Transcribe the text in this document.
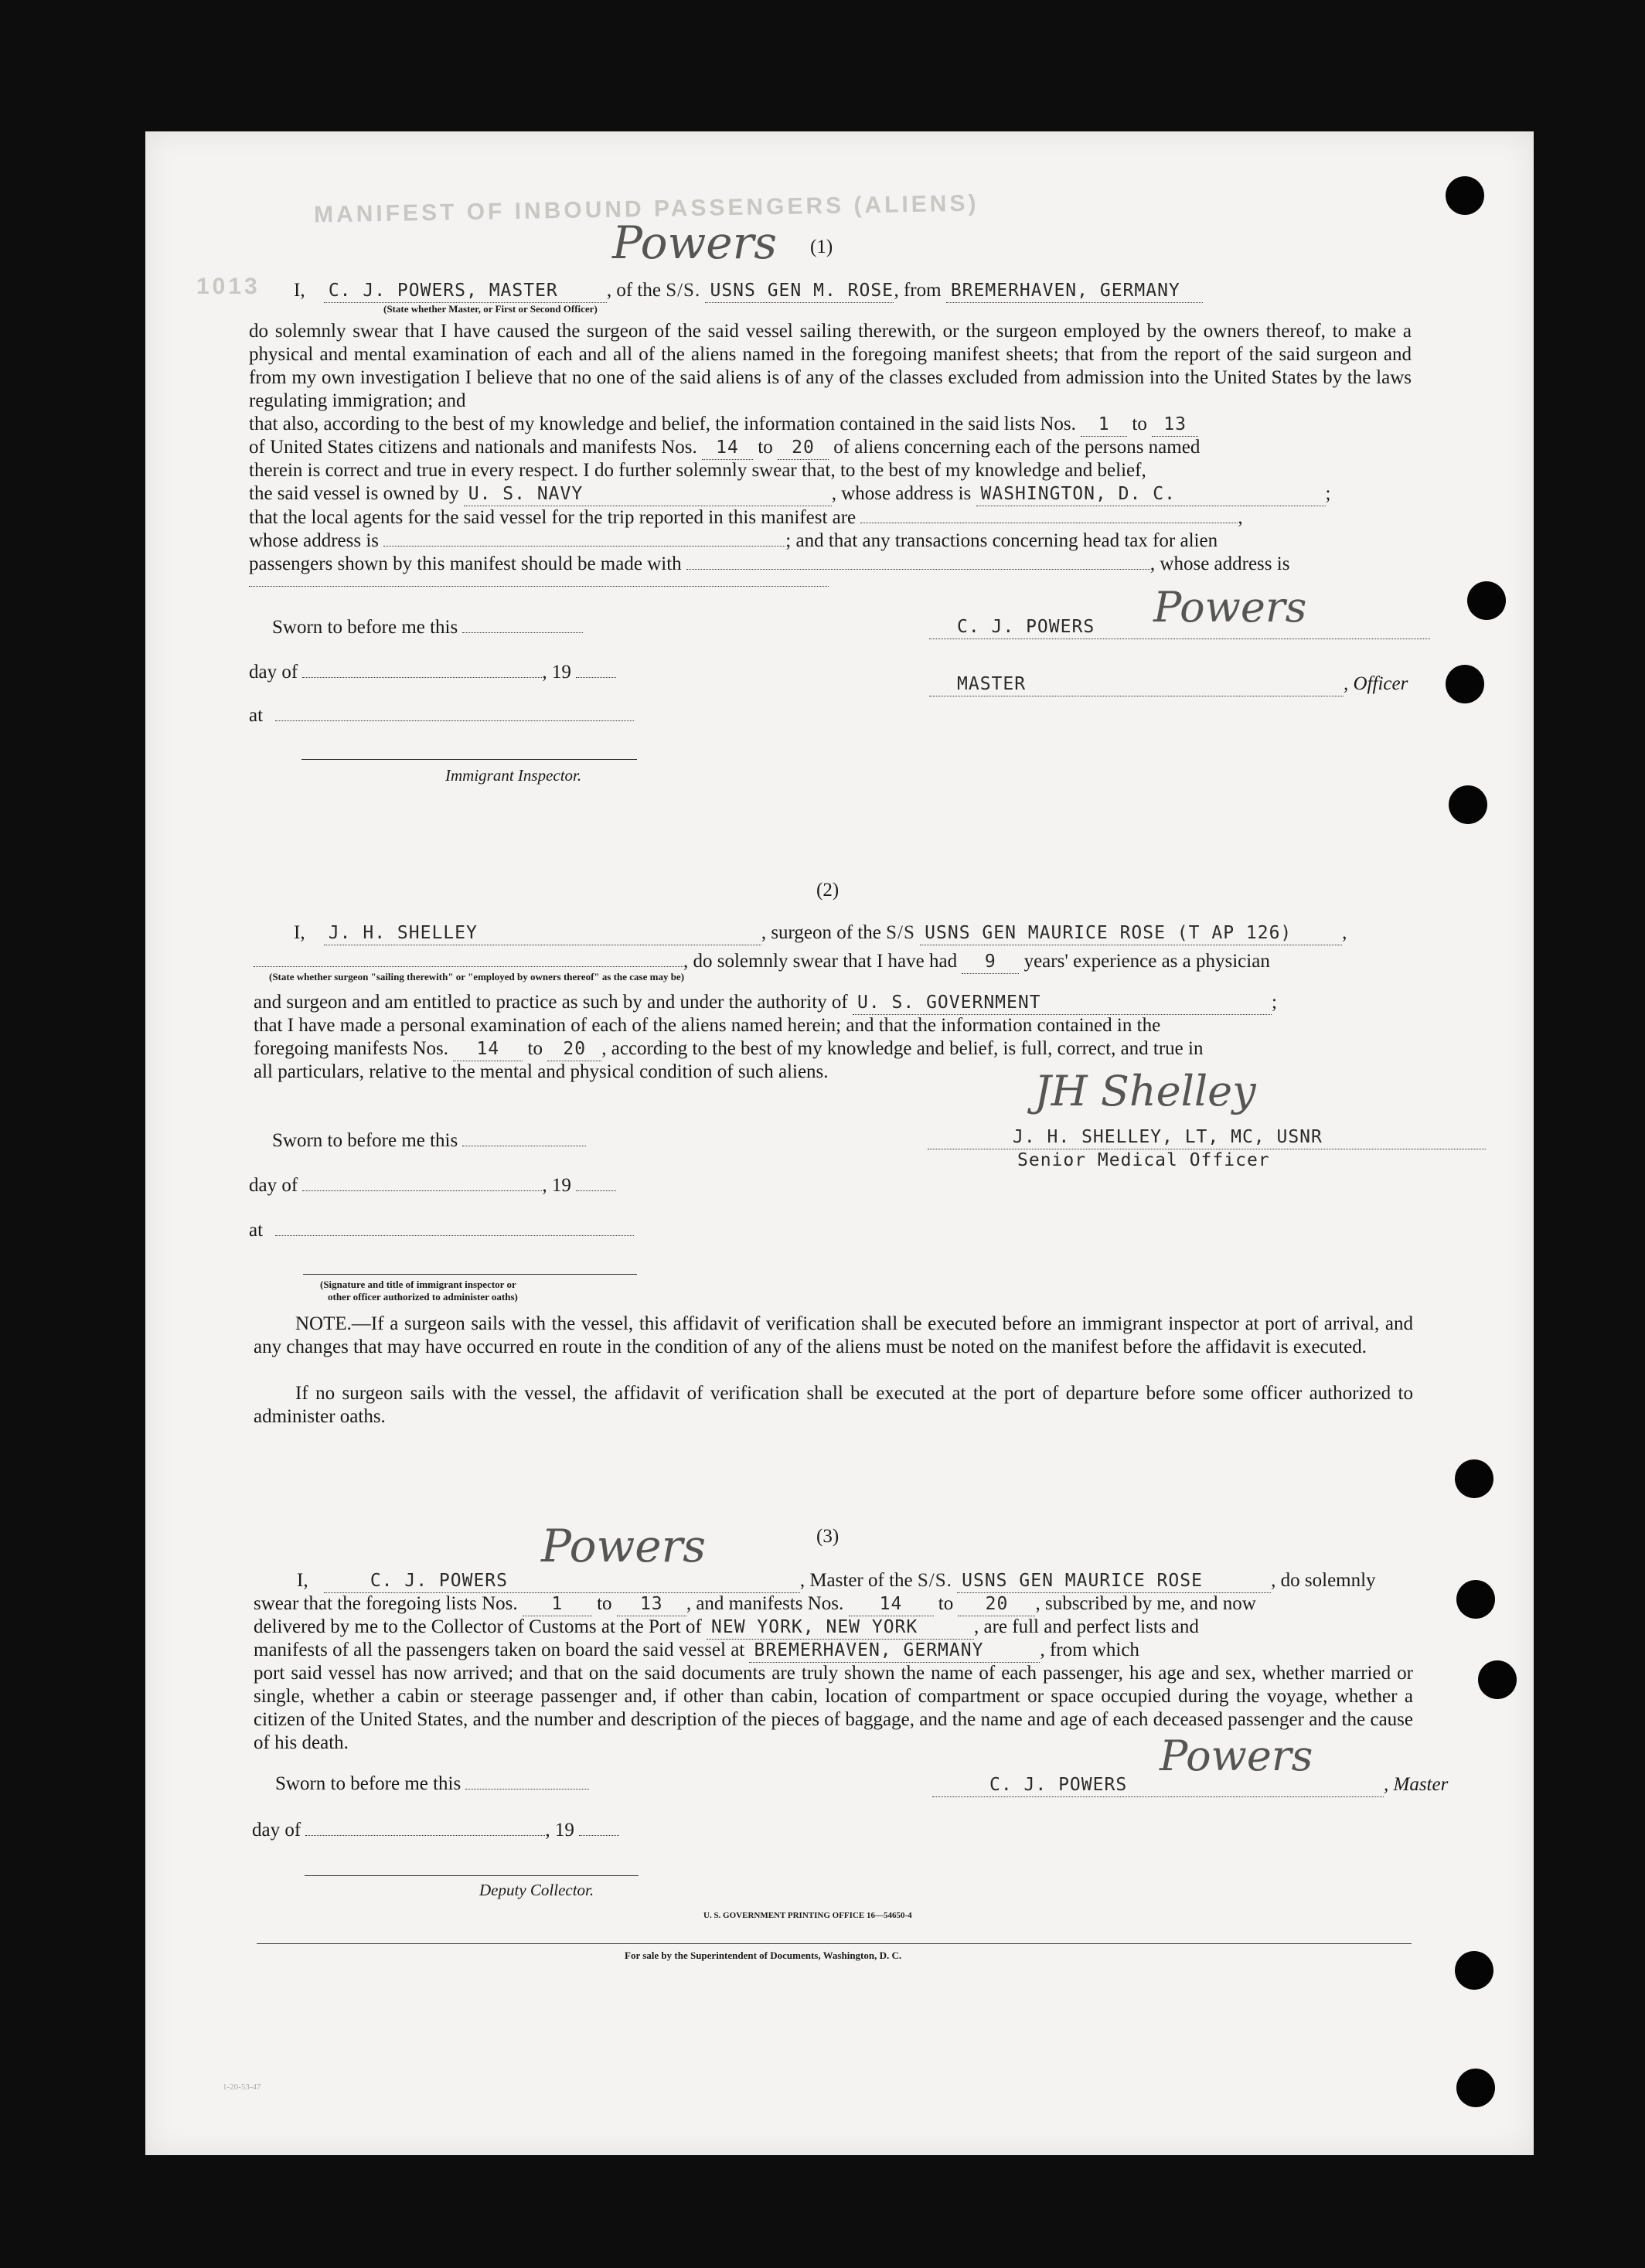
MANIFEST OF INBOUND PASSENGERS (ALIENS)
1013
(1)
I, C. J. POWERS, MASTER	, of the S/S. USNS GEN M. ROSE, from BREMERHAVEN, GERMANY
Powers
(State whether Master, or First or Second Officer)
do solemnly swear that I have caused the surgeon of the said vessel sailing therewith, or the surgeon employed by the owners thereof, to make a physical and mental examination of each and all of the aliens named in the foregoing manifest sheets; that from the report of the said surgeon and from my own investigation I believe that no one of the said aliens is of any of the classes excluded from admission into the United States by the laws regulating immigration; and
that also, according to the best of my knowledge and belief, the information contained in the said lists Nos. 1 to 13
of United States citizens and nationals and manifests Nos. 14 to 20 of aliens concerning each of the persons named
therein is correct and true in every respect. I do further solemnly swear that, to the best of my knowledge and belief,
the said vessel is owned by U. S. NAVY	, whose address is WASHINGTON, D. C.	;
that the local agents for the said vessel for the trip reported in this manifest are	,
whose address is	; and that any transactions concerning head tax for alien
passengers shown by this manifest should be made with	, whose address is
Sworn to before me this
day of	, 19
at
Immigrant Inspector.
C. J. POWERS	Powers
MASTER	, Officer
(2)
I, J. H. SHELLEY	, surgeon of the S/S USNS GEN MAURICE ROSE (T AP 126)	,
, do solemnly swear that I have had 9 years' experience as a physician
(State whether surgeon "sailing therewith" or "employed by owners thereof" as the case may be)
and surgeon and am entitled to practice as such by and under the authority of U. S. GOVERNMENT	;
that I have made a personal examination of each of the aliens named herein; and that the information contained in the
foregoing manifests Nos. 14 to 20 , according to the best of my knowledge and belief, is full, correct, and true in
all particulars, relative to the mental and physical condition of such aliens.	JH Shelley
J. H. SHELLEY, LT, MC, USNR
Senior Medical Officer
Sworn to before me this
day of	, 19
at
(Signature and title of immigrant inspector or
other officer authorized to administer oaths)
NOTE.—If a surgeon sails with the vessel, this affidavit of verification shall be executed before an immigrant inspector at port of arrival, and any changes that may have occurred en route in the condition of any of the aliens must be noted on the manifest before the affidavit is executed.
If no surgeon sails with the vessel, the affidavit of verification shall be executed at the port of departure before some officer authorized to administer oaths.
(3)
I,	C. J. POWERS	, Master of the S/S. USNS GEN MAURICE ROSE	, do solemnly
Powers
swear that the foregoing lists Nos. 1 to 13 , and manifests Nos. 14 to 20 , subscribed by me, and now
delivered by me to the Collector of Customs at the Port of NEW YORK, NEW YORK	, are full and perfect lists and
manifests of all the passengers taken on board the said vessel at BREMERHAVEN, GERMANY	, from which
port said vessel has now arrived; and that on the said documents are truly shown the name of each passenger, his age and sex, whether married or single, whether a cabin or steerage passenger and, if other than cabin, location of compartment or space occupied during the voyage, whether a citizen of the United States, and the number and description of the pieces of baggage, and the name and age of each deceased passenger and the cause of his death.
Sworn to before me this	C. J. POWERS	, Master
Powers
day of	, 19
Deputy Collector.
U. S. GOVERNMENT PRINTING OFFICE 16—54650-4
For sale by the Superintendent of Documents, Washington, D. C.
1-20-53-47
